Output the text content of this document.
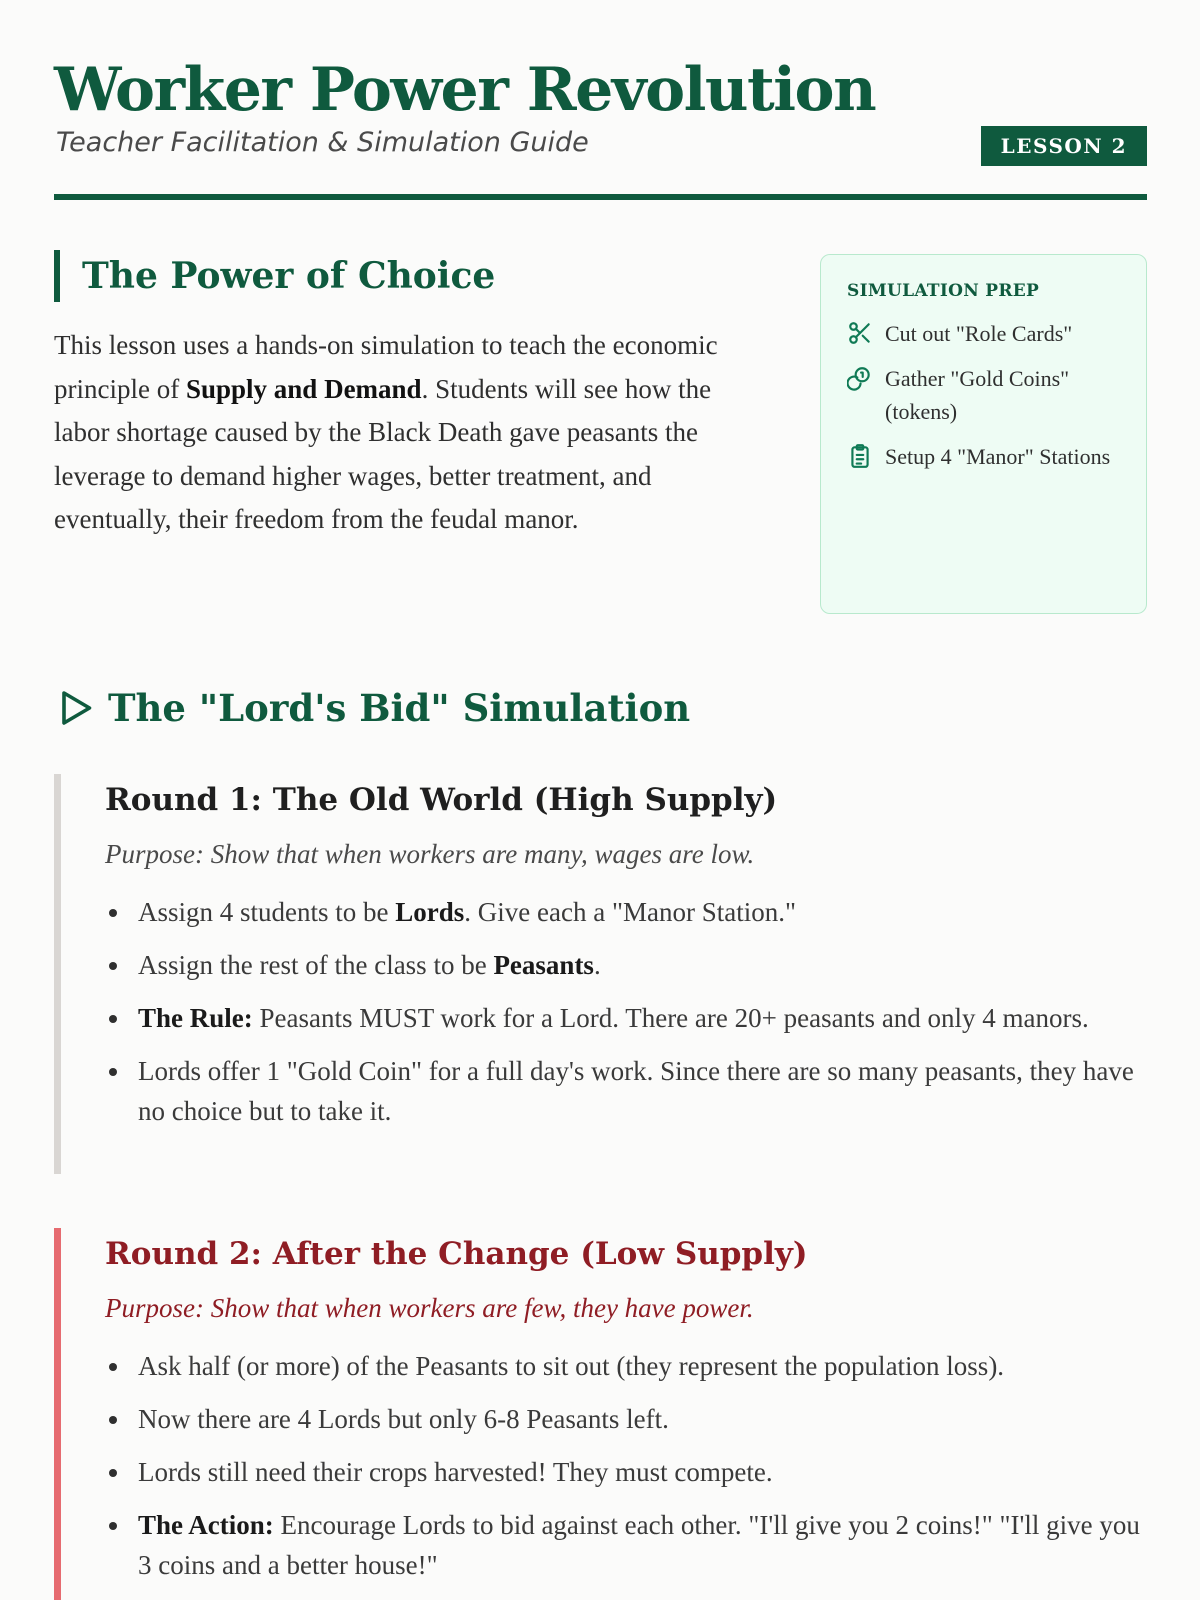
Worker Power Revolution
Teacher Facilitation & Simulation Guide	LESSON 2
The Power of Choice

This lesson uses a hands-on simulation to teach the economic principle of Supply and Demand. Students will see how the labor shortage caused by the Black Death gave peasants the leverage to demand higher wages, better treatment, and eventually, their freedom from the feudal manor.

SIMULATION PREP
Cut out "Role Cards"
Gather "Gold Coins" (tokens)
Setup 4 "Manor" Stations
The "Lord's Bid" Simulation
Round 1: The Old World (High Supply)

Purpose: Show that when workers are many, wages are low.

Assign 4 students to be Lords. Give each a "Manor Station."
Assign the rest of the class to be Peasants.
The Rule: Peasants MUST work for a Lord. There are 20+ peasants and only 4 manors.
Lords offer 1 "Gold Coin" for a full day's work. Since there are so many peasants, they have no choice but to take it.
Round 2: After the Change (Low Supply)

Purpose: Show that when workers are few, they have power.

Ask half (or more) of the Peasants to sit out (they represent the population loss).
Now there are 4 Lords but only 6-8 Peasants left.
Lords still need their crops harvested! They must compete.
The Action: Encourage Lords to bid against each other. "I'll give you 2 coins!" "I'll give you 3 coins and a better house!"
